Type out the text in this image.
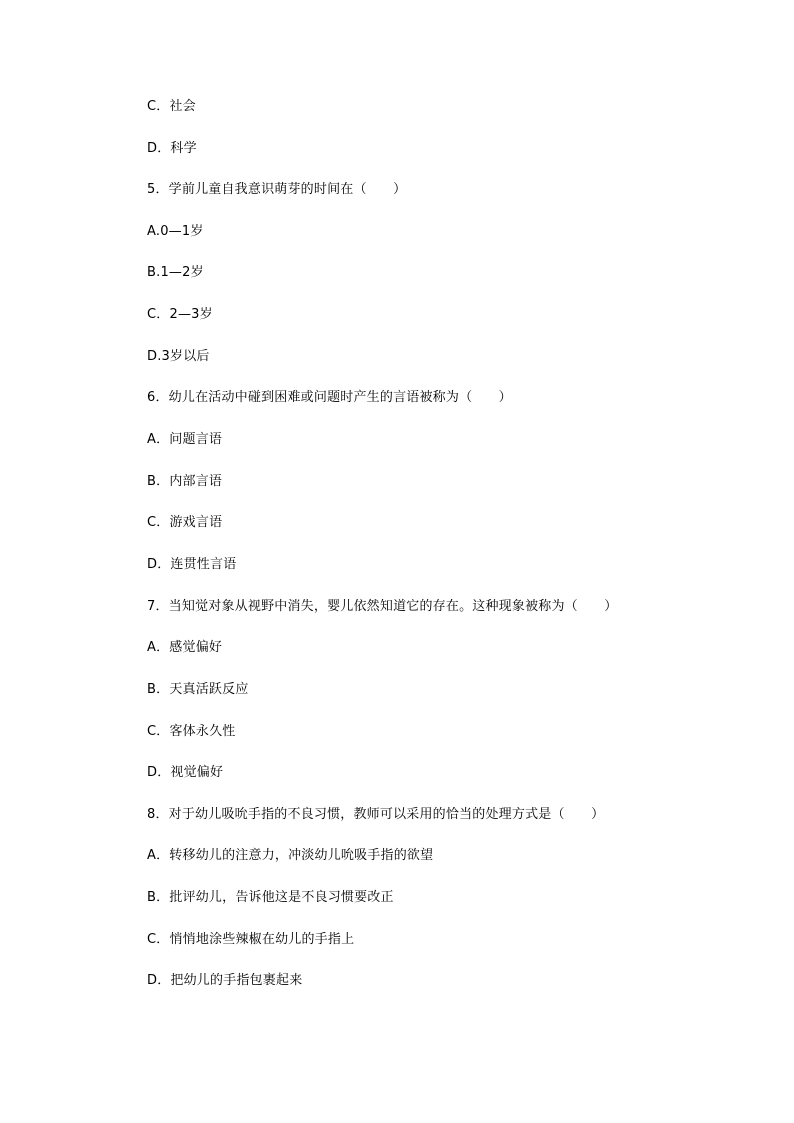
C．社会
D．科学
5．学前儿童自我意识萌芽的时间在（　　）
A.0—1岁
B.1—2岁
C．2—3岁
D.3岁以后
6．幼儿在活动中碰到困难或问题时产生的言语被称为（　　）
A．问题言语
B．内部言语
C．游戏言语
D．连贯性言语
7．当知觉对象从视野中消失，婴儿依然知道它的存在。这种现象被称为（　　）
A．感觉偏好
B．天真活跃反应
C．客体永久性
D．视觉偏好
8．对于幼儿吸吮手指的不良习惯，教师可以采用的恰当的处理方式是（　　）
A．转移幼儿的注意力，冲淡幼儿吮吸手指的欲望
B．批评幼儿，告诉他这是不良习惯要改正
C．悄悄地涂些辣椒在幼儿的手指上
D．把幼儿的手指包裹起来
